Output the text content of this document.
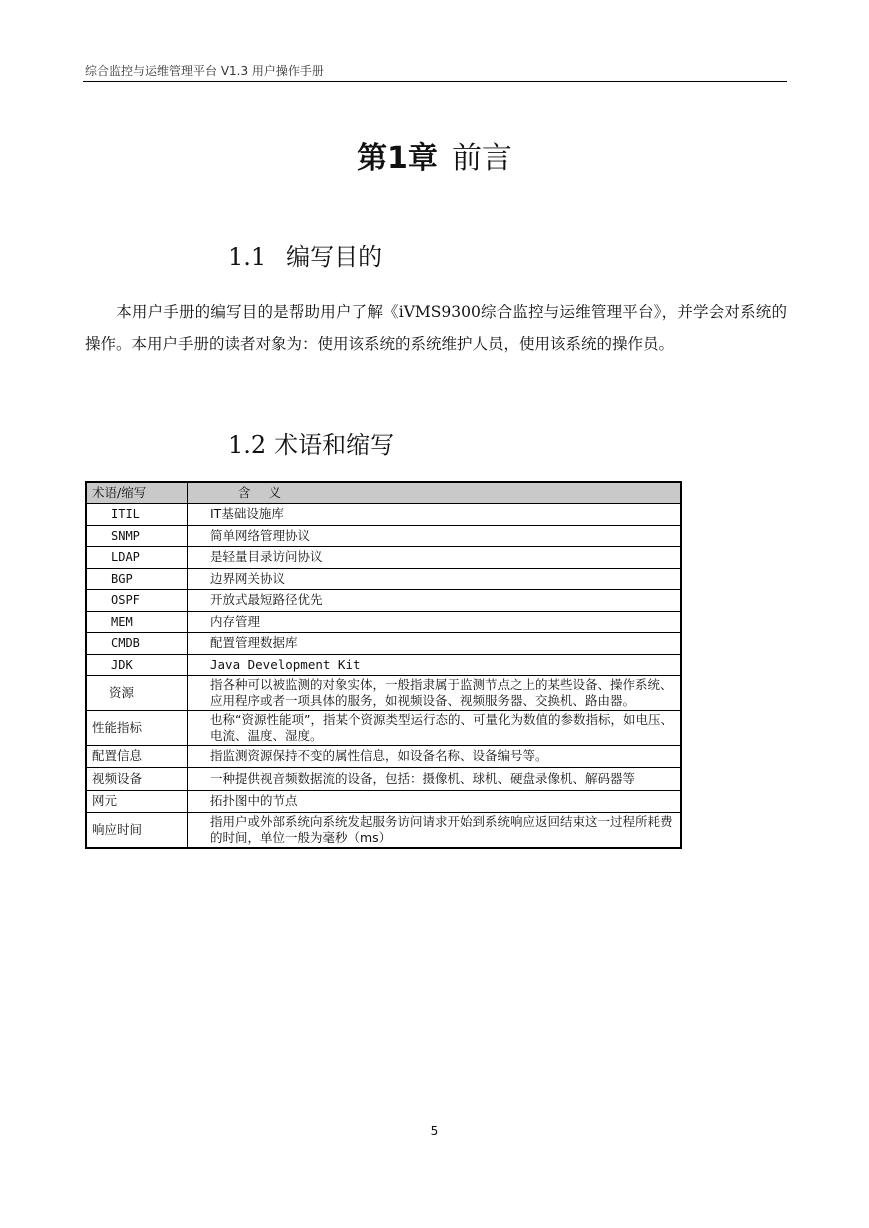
综合监控与运维管理平台 V1.3 用户操作手册
第1章 前言
1.1 编写目的
本用户手册的编写目的是帮助用户了解《iVMS9300综合监控与运维管理平台》，并学会对系统的操作。本用户手册的读者对象为：使用该系统的系统维护人员，使用该系统的操作员。
1.2 术语和缩写
术语/缩写	含义
ITIL	IT基础设施库
SNMP	简单网络管理协议
LDAP	是轻量目录访问协议
BGP	边界网关协议
OSPF	开放式最短路径优先
MEM	内存管理
CMDB	配置管理数据库
JDK	Java Development Kit
资源	指各种可以被监测的对象实体，一般指隶属于监测节点之上的某些设备、操作系统、应用程序或者一项具体的服务，如视频设备、视频服务器、交换机、路由器。
性能指标	也称“资源性能项”，指某个资源类型运行态的、可量化为数值的参数指标，如电压、电流、温度、湿度。
配置信息	指监测资源保持不变的属性信息，如设备名称、设备编号等。
视频设备	一种提供视音频数据流的设备，包括：摄像机、球机、硬盘录像机、解码器等
网元	拓扑图中的节点
响应时间	指用户或外部系统向系统发起服务访问请求开始到系统响应返回结束这一过程所耗费的时间，单位一般为毫秒（ms）
5
